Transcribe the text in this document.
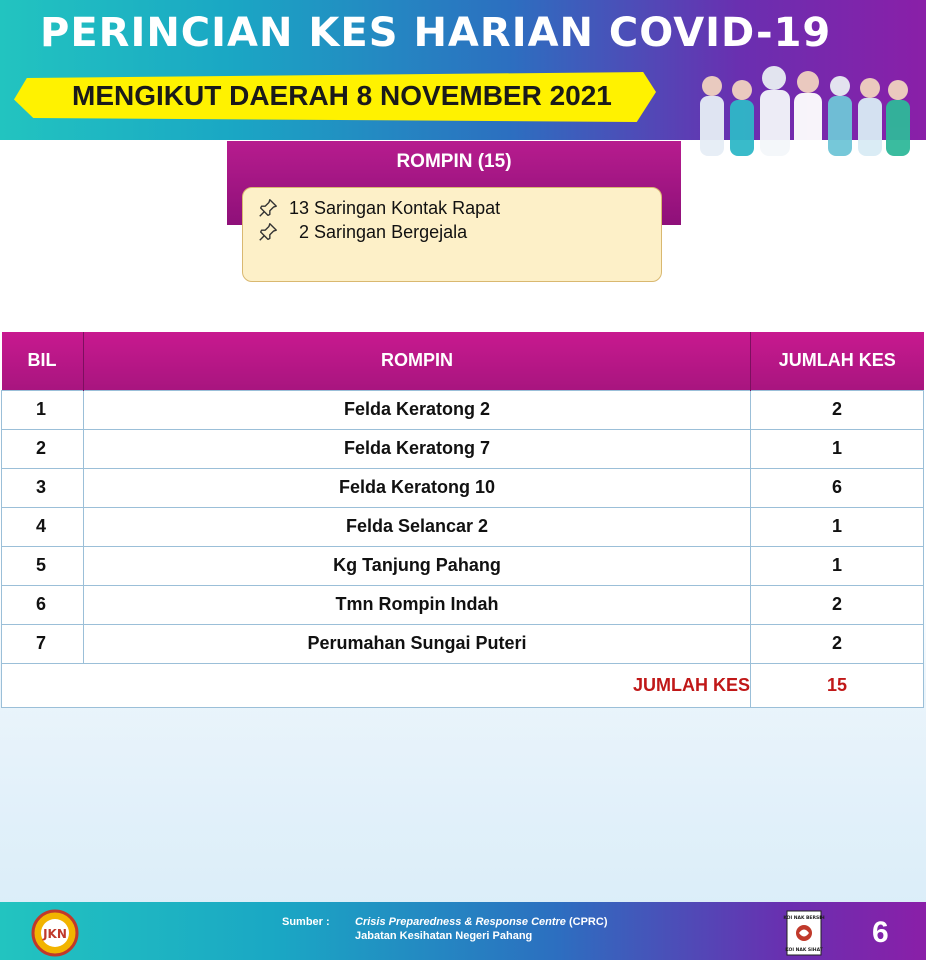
PERINCIAN KES HARIAN COVID-19
MENGIKUT DAERAH 8 NOVEMBER 2021
ROMPIN (15)
13 Saringan Kontak Rapat
2 Saringan Bergejala
BIL	ROMPIN	JUMLAH KES
1	Felda Keratong 2	2
2	Felda Keratong 7	1
3	Felda Keratong 10	6
4	Felda Selancar 2	1
5	Kg Tanjung Pahang	1
6	Tmn Rompin Indah	2
7	Perumahan Sungai Puteri	2
JUMLAH KES		15
JKN
Sumber : Crisis Preparedness & Response Centre (CPRC)
Jabatan Kesihatan Negeri Pahang
KOI NAK BERSIH
KOI NAK SIHAT
6
